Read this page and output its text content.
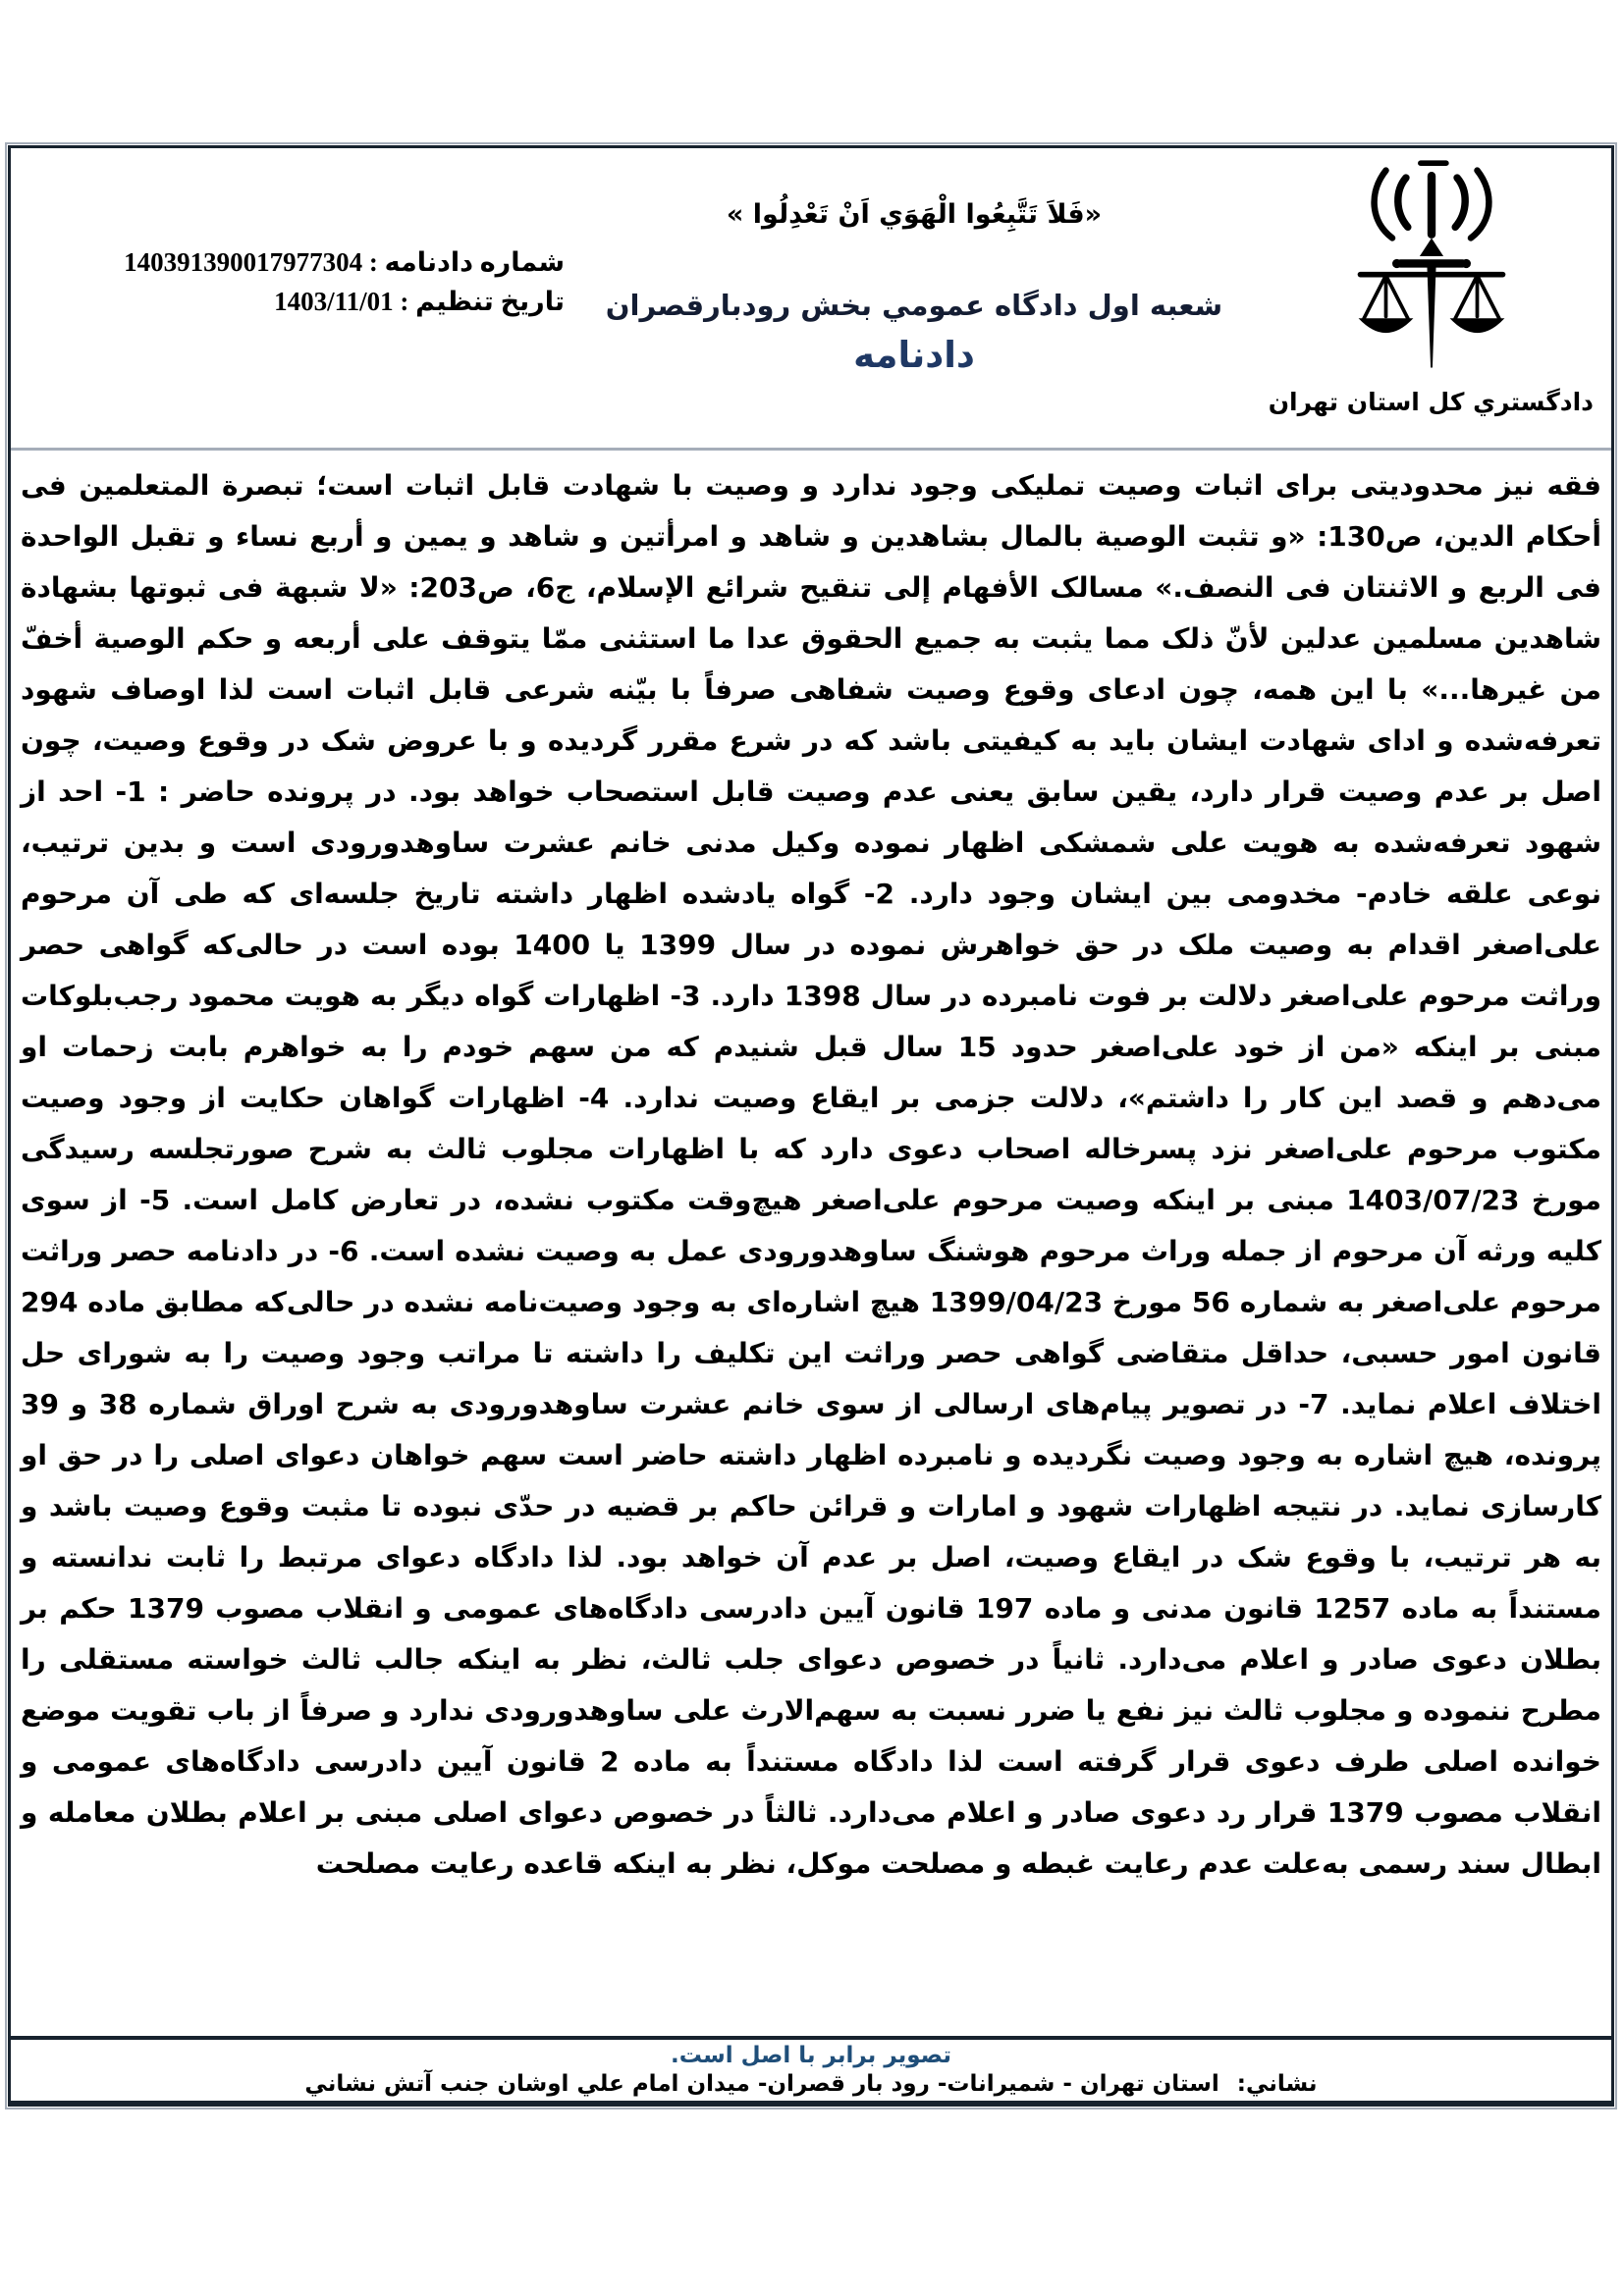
دادگستري كل استان تهران
«فَلاَ تَتَّبِعُوا الْهَوَي اَنْ تَعْدِلُوا »
شعبه اول دادگاه عمومي بخش رودبارقصران
دادنامه
شماره دادنامه : 140391390017977304
تاريخ تنظيم : 1403/11/01
فقه نيز محدوديتی برای اثبات وصيت تمليکی وجود ندارد و وصيت با شهادت قابل اثبات است؛ تبصرة المتعلمين فی أحکام الدين، ص130: «و تثبت الوصية بالمال بشاهدين و شاهد و امرأتين و شاهد و يمين و أربع نساء و تقبل الواحدة فی الربع و الاثنتان فی النصف.» مسالک الأفهام إلی تنقيح شرائع الإسلام، ج6، ص203: «لا شبهة فی ثبوتها بشهادة شاهدين مسلمين عدلين لأنّ ذلک مما يثبت به جميع الحقوق عدا ما استثنی ممّا يتوقف علی أربعه و حکم الوصية أخفّ من غيرها...» با اين همه، چون ادعای وقوع وصيت شفاهی صرفاً با بيّنه شرعی قابل اثبات است لذا اوصاف شهود تعرفه‌شده و ادای شهادت ايشان بايد به کيفيتی باشد که در شرع مقرر گرديده و با عروض شک در وقوع وصيت، چون اصل بر عدم وصيت قرار دارد، يقين سابق يعنی عدم وصيت قابل استصحاب خواهد بود. در پرونده حاضر : 1- احد از شهود تعرفه‌شده به هويت علی شمشکی اظهار نموده وکيل مدنی خانم عشرت ساوهدورودی است و بدين ترتيب، نوعی علقه خادم- مخدومی بين ايشان وجود دارد. 2- گواه يادشده اظهار داشته تاريخ جلسه‌ای که طی آن مرحوم علی‌اصغر اقدام به وصيت ملک در حق خواهرش نموده در سال 1399 يا 1400 بوده است در حالی‌که گواهی حصر وراثت مرحوم علی‌اصغر دلالت بر فوت نامبرده در سال 1398 دارد. 3- اظهارات گواه ديگر به هويت محمود رجب‌بلوکات مبنی بر اينکه «من از خود علی‌اصغر حدود 15 سال قبل شنيدم که من سهم خودم را به خواهرم بابت زحمات او می‌دهم و قصد اين کار را داشتم»، دلالت جزمی بر ايقاع وصيت ندارد. 4- اظهارات گواهان حکايت از وجود وصيت مکتوب مرحوم علی‌اصغر نزد پسرخاله اصحاب دعوی دارد که با اظهارات مجلوب ثالث به شرح صورتجلسه رسيدگی مورخ 1403/07/23 مبنی بر اينکه وصيت مرحوم علی‌اصغر هيچ‌وقت مکتوب نشده، در تعارض کامل است. 5- از سوی کليه ورثه آن مرحوم از جمله وراث مرحوم هوشنگ ساوهدورودی عمل به وصيت نشده است. 6- در دادنامه حصر وراثت مرحوم علی‌اصغر به شماره 56 مورخ 1399/04/23 هيچ اشاره‌ای به وجود وصيت‌نامه نشده در حالی‌که مطابق ماده 294 قانون امور حسبی، حداقل متقاضی گواهی حصر وراثت اين تکليف را داشته تا مراتب وجود وصيت را به شورای حل اختلاف اعلام نمايد. 7- در تصوير پيام‌های ارسالی از سوی خانم عشرت ساوهدورودی به شرح اوراق شماره 38 و 39 پرونده، هيچ اشاره به وجود وصيت نگرديده و نامبرده اظهار داشته حاضر است سهم خواهان دعوای اصلی را در حق او کارسازی نمايد. در نتيجه اظهارات شهود و امارات و قرائن حاکم بر قضيه در حدّی نبوده تا مثبت وقوع وصيت باشد و به هر ترتيب، با وقوع شک در ايقاع وصيت، اصل بر عدم آن خواهد بود. لذا دادگاه دعوای مرتبط را ثابت ندانسته و مستنداً به ماده 1257 قانون مدنی و ماده 197 قانون آيين دادرسی دادگاه‌های عمومی و انقلاب مصوب 1379 حکم بر بطلان دعوی صادر و اعلام می‌دارد. ثانياً در خصوص دعوای جلب ثالث، نظر به اينکه جالب ثالث خواسته مستقلی را مطرح ننموده و مجلوب ثالث نيز نفع يا ضرر نسبت به سهم‌الارث علی ساوهدورودی ندارد و صرفاً از باب تقويت موضع خوانده اصلی طرف دعوی قرار گرفته است لذا دادگاه مستنداً به ماده 2 قانون آيين دادرسی دادگاه‌های عمومی و انقلاب مصوب 1379 قرار رد دعوی صادر و اعلام می‌دارد. ثالثاً در خصوص دعوای اصلی مبنی بر اعلام بطلان معامله و ابطال سند رسمی به‌علت عدم رعايت غبطه و مصلحت موکل، نظر به اينکه قاعده رعايت مصلحت
تصوير برابر با اصل است.
نشاني: استان تهران - شميرانات- رود بار قصران- ميدان امام علي اوشان جنب آتش نشاني
